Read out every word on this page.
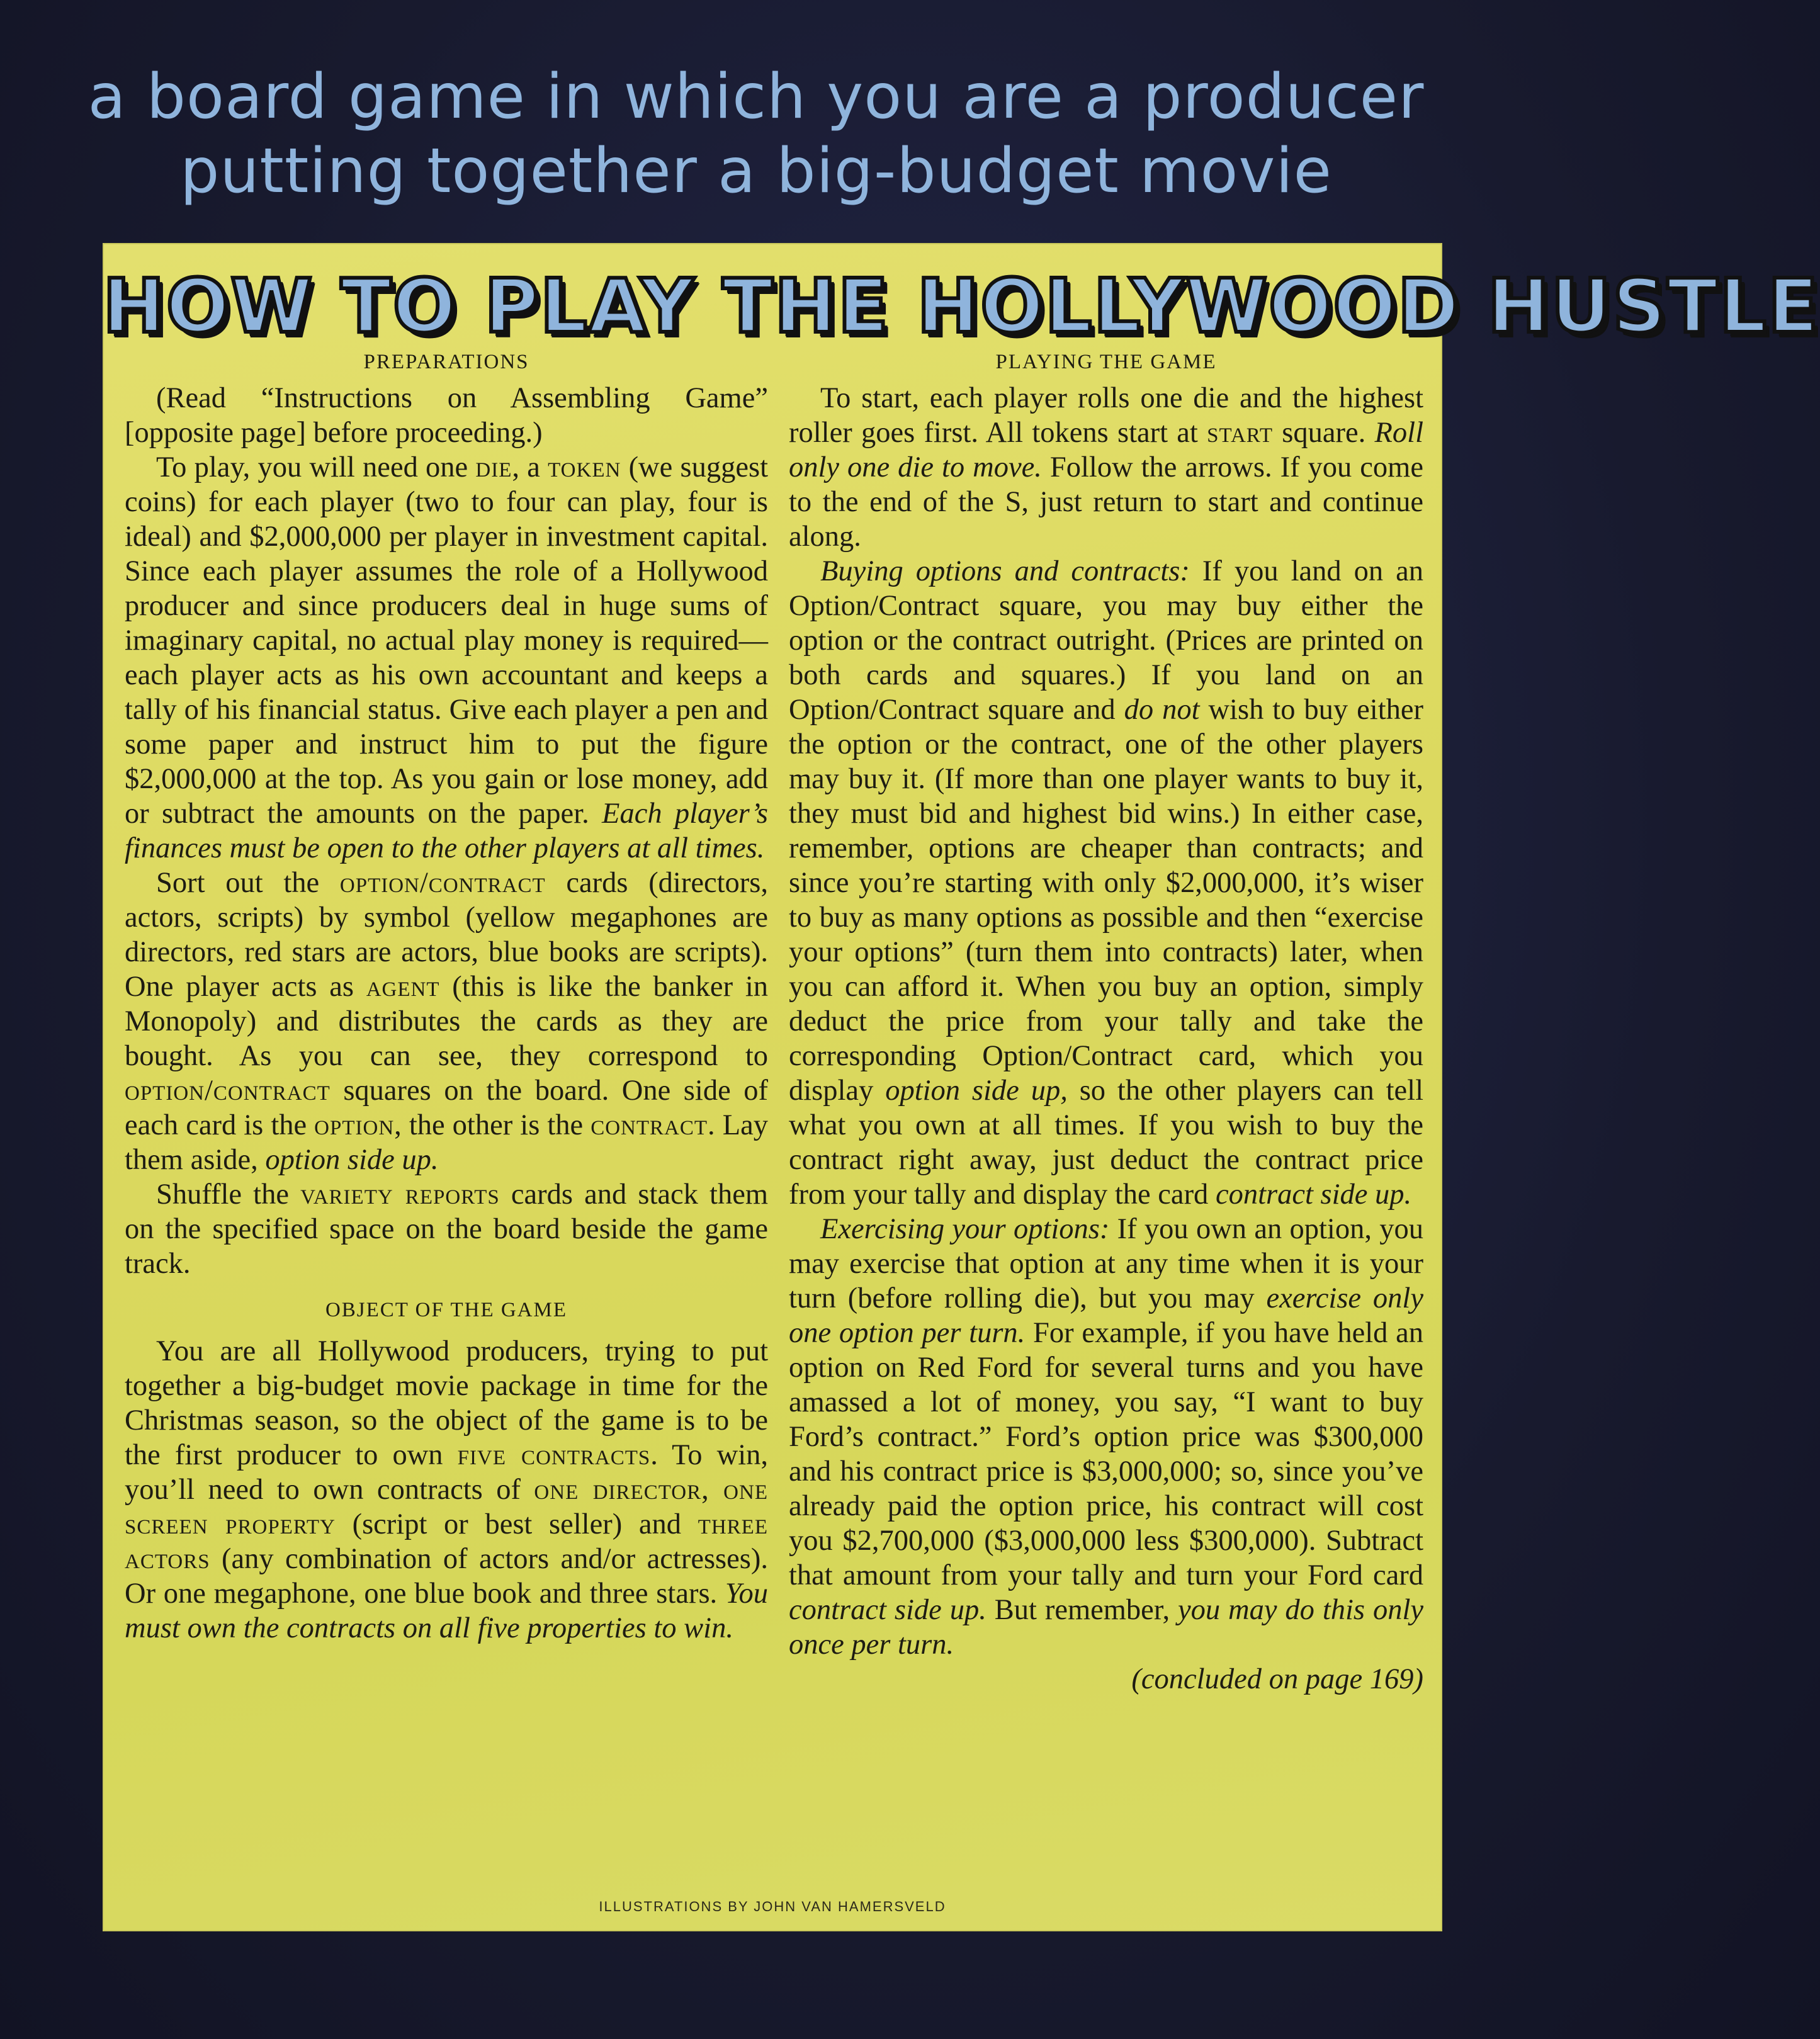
a board game in which you are a producer
putting together a big-budget movie
HOW TO PLAY THE HOLLYWOOD HUSTLE
PREPARATIONS

(Read “Instructions on Assembling Game” [opposite page] before proceeding.)

To play, you will need one die, a token (we suggest coins) for each player (two to four can play, four is ideal) and $2,000,000 per player in investment capital. Since each player assumes the role of a Hollywood producer and since producers deal in huge sums of imaginary capital, no actual play money is required—each player acts as his own accountant and keeps a tally of his financial status. Give each player a pen and some paper and instruct him to put the figure $2,000,000 at the top. As you gain or lose money, add or subtract the amounts on the paper. Each player’s finances must be open to the other players at all times.

Sort out the option/contract cards (directors, actors, scripts) by symbol (yellow megaphones are directors, red stars are actors, blue books are scripts). One player acts as agent (this is like the banker in Monopoly) and distributes the cards as they are bought. As you can see, they correspond to option/contract squares on the board. One side of each card is the option, the other is the contract. Lay them aside, option side up.

Shuffle the variety reports cards and stack them on the specified space on the board beside the game track.

OBJECT OF THE GAME

You are all Hollywood producers, trying to put together a big-budget movie package in time for the Christmas season, so the object of the game is to be the first producer to own five contracts. To win, you’ll need to own contracts of one director, one screen property (script or best seller) and three actors (any combination of actors and/or actresses). Or one megaphone, one blue book and three stars. You must own the contracts on all five properties to win.

PLAYING THE GAME

To start, each player rolls one die and the highest roller goes first. All tokens start at start square. Roll only one die to move. Follow the arrows. If you come to the end of the S, just return to start and continue along.

Buying options and contracts: If you land on an Option/Contract square, you may buy either the option or the contract outright. (Prices are printed on both cards and squares.) If you land on an Option/Contract square and do not wish to buy either the option or the contract, one of the other players may buy it. (If more than one player wants to buy it, they must bid and highest bid wins.) In either case, remember, options are cheaper than contracts; and since you’re starting with only $2,000,000, it’s wiser to buy as many options as possible and then “exercise your options” (turn them into contracts) later, when you can afford it. When you buy an option, simply deduct the price from your tally and take the corresponding Option/Contract card, which you display option side up, so the other players can tell what you own at all times. If you wish to buy the contract right away, just deduct the contract price from your tally and display the card contract side up.

Exercising your options: If you own an option, you may exercise that option at any time when it is your turn (before rolling die), but you may exercise only one option per turn. For example, if you have held an option on Red Ford for several turns and you have amassed a lot of money, you say, “I want to buy Ford’s contract.” Ford’s option price was $300,000 and his contract price is $3,000,000; so, since you’ve already paid the option price, his contract will cost you $2,700,000 ($3,000,000 less $300,000). Subtract that amount from your tally and turn your Ford card contract side up. But remember, you may do this only once per turn.

(concluded on page 169)

ILLUSTRATIONS BY JOHN VAN HAMERSVELD
